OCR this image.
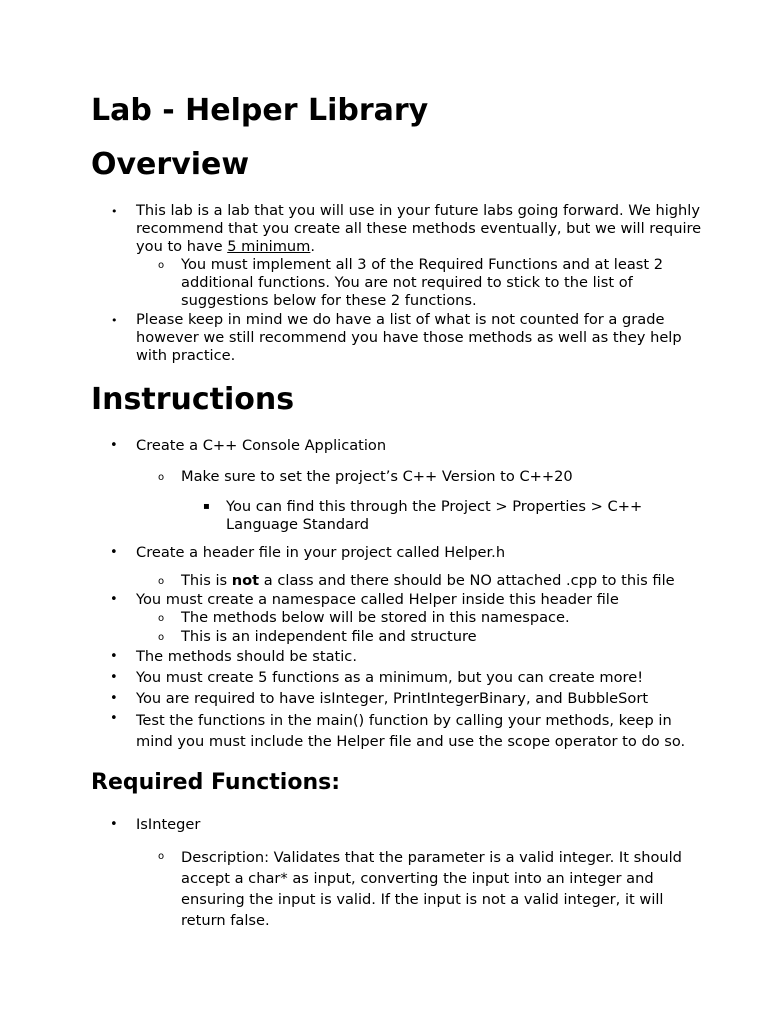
Lab - Helper Library
Overview
• This lab is a lab that you will use in your future labs going forward. We highly
recommend that you create all these methods eventually, but we will require
you to have 5 minimum.
o You must implement all 3 of the Required Functions and at least 2
additional functions. You are not required to stick to the list of
suggestions below for these 2 functions.
• Please keep in mind we do have a list of what is not counted for a grade
however we still recommend you have those methods as well as they help
with practice.
Instructions
• Create a C++ Console Application
o Make sure to set the project’s C++ Version to C++20
▪ You can find this through the Project > Properties > C++
Language Standard
• Create a header file in your project called Helper.h
o This is not a class and there should be NO attached .cpp to this file
• You must create a namespace called Helper inside this header file
o The methods below will be stored in this namespace.
o This is an independent file and structure
• The methods should be static.
• You must create 5 functions as a minimum, but you can create more!
• You are required to have isInteger, PrintIntegerBinary, and BubbleSort
• Test the functions in the main() function by calling your methods, keep in
mind you must include the Helper file and use the scope operator to do so.
Required Functions:
• IsInteger
o Description: Validates that the parameter is a valid integer. It should
accept a char* as input, converting the input into an integer and
ensuring the input is valid. If the input is not a valid integer, it will
return false.
